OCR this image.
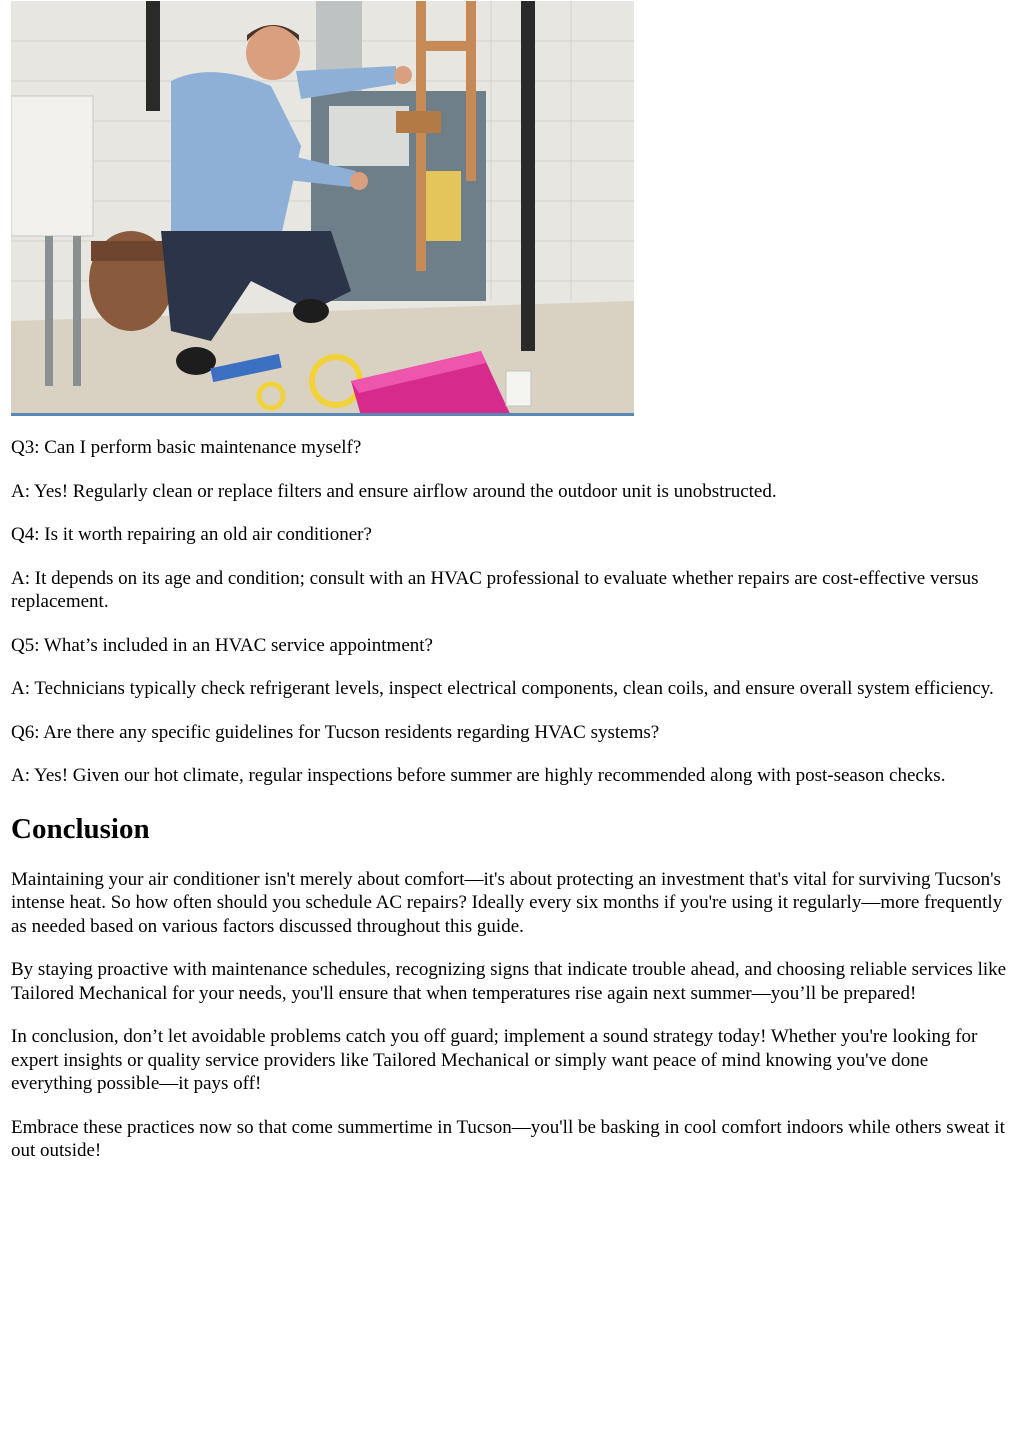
Q3: Can I perform basic maintenance myself?

A: Yes! Regularly clean or replace filters and ensure airflow around the outdoor unit is unobstructed.

Q4: Is it worth repairing an old air conditioner?

A: It depends on its age and condition; consult with an HVAC professional to evaluate whether repairs are cost-effective versus replacement.

Q5: What’s included in an HVAC service appointment?

A: Technicians typically check refrigerant levels, inspect electrical components, clean coils, and ensure overall system efficiency.

Q6: Are there any specific guidelines for Tucson residents regarding HVAC systems?

A: Yes! Given our hot climate, regular inspections before summer are highly recommended along with post-season checks.

Conclusion

Maintaining your air conditioner isn't merely about comfort—it's about protecting an investment that's vital for surviving Tucson's intense heat. So how often should you schedule AC repairs? Ideally every six months if you're using it regularly—more frequently as needed based on various factors discussed throughout this guide.

By staying proactive with maintenance schedules, recognizing signs that indicate trouble ahead, and choosing reliable services like Tailored Mechanical for your needs, you'll ensure that when temperatures rise again next summer—you’ll be prepared!

In conclusion, don’t let avoidable problems catch you off guard; implement a sound strategy today! Whether you're looking for expert insights or quality service providers like Tailored Mechanical or simply want peace of mind knowing you've done everything possible—it pays off!

Embrace these practices now so that come summertime in Tucson—you'll be basking in cool comfort indoors while others sweat it out outside!
